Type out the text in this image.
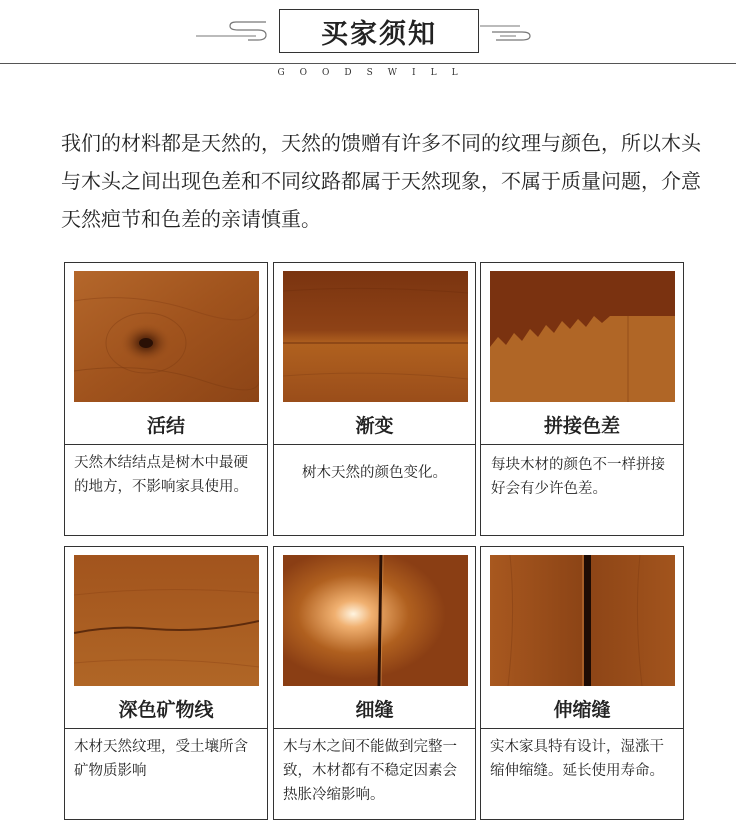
买家须知
GOODSWILL

我们的材料都是天然的，天然的馈赠有许多不同的纹理与颜色，所以木头与木头之间出现色差和不同纹路都属于天然现象，不属于质量问题，介意天然疤节和色差的亲请慎重。

活结

天然木结结点是树木中最硬的地方，不影响家具使用。

渐变

树木天然的颜色变化。

拼接色差

每块木材的颜色不一样拼接好会有少许色差。

深色矿物线

木材天然纹理，受土壤所含矿物质影响

细缝

木与木之间不能做到完整一致，木材都有不稳定因素会热胀冷缩影响。

伸缩缝

实木家具特有设计，湿涨干缩伸缩缝。延长使用寿命。
